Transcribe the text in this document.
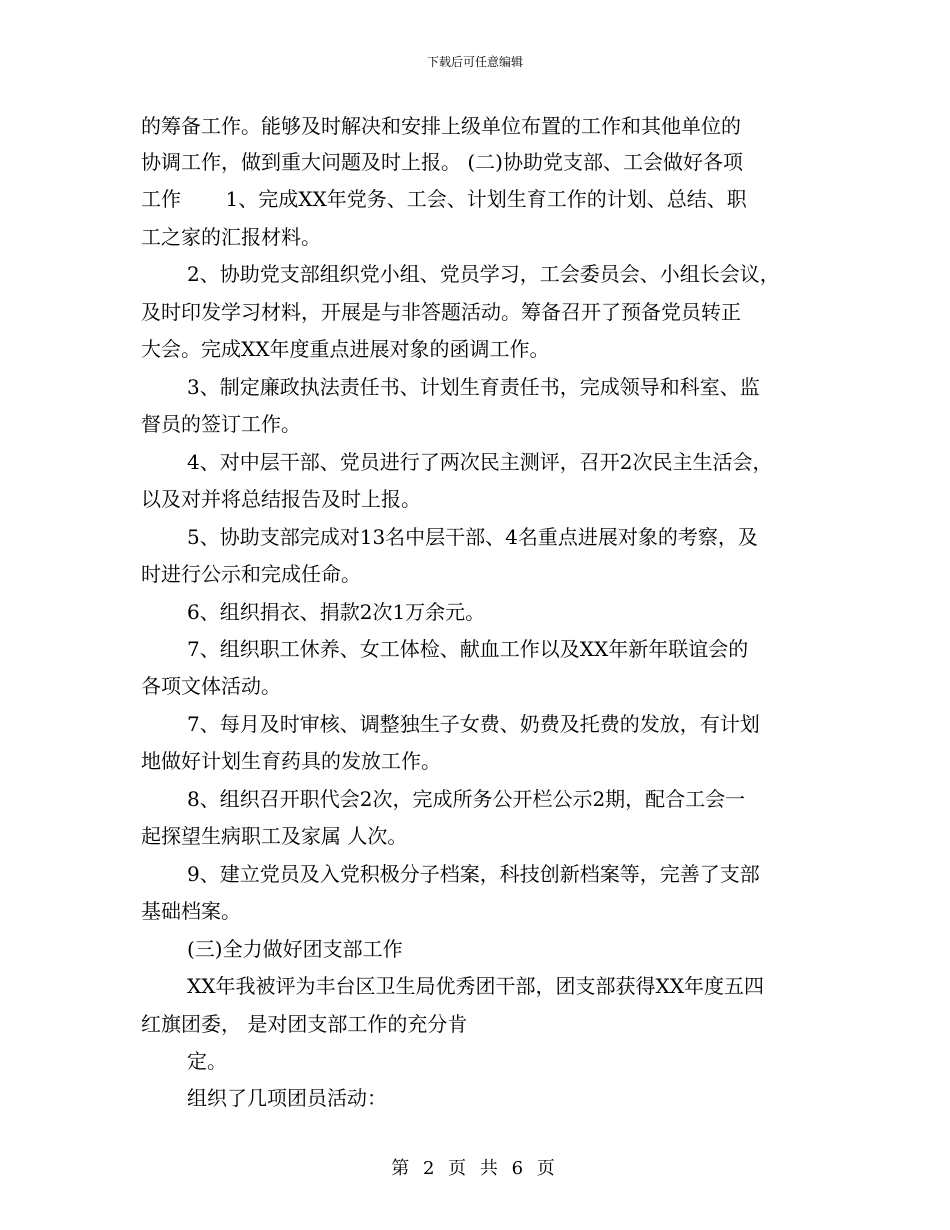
下载后可任意编辑
的筹备工作。能够及时解决和安排上级单位布置的工作和其他单位的
协调工作，做到重大问题及时上报。 (二)协助党支部、工会做好各项
工作       1、完成XX年党务、工会、计划生育工作的计划、总结、职
工之家的汇报材料。
2、协助党支部组织党小组、党员学习，工会委员会、小组长会议，
及时印发学习材料，开展是与非答题活动。筹备召开了预备党员转正
大会。完成XX年度重点进展对象的函调工作。
3、制定廉政执法责任书、计划生育责任书，完成领导和科室、监
督员的签订工作。
4、对中层干部、党员进行了两次民主测评，召开2次民主生活会，
以及对并将总结报告及时上报。
5、协助支部完成对13名中层干部、4名重点进展对象的考察，及
时进行公示和完成任命。
6、组织捐衣、捐款2次1万余元。
7、组织职工休养、女工体检、献血工作以及XX年新年联谊会的
各项文体活动。
7、每月及时审核、调整独生子女费、奶费及托费的发放，有计划
地做好计划生育药具的发放工作。
8、组织召开职代会2次，完成所务公开栏公示2期，配合工会一
起探望生病职工及家属 人次。
9、建立党员及入党积极分子档案，科技创新档案等，完善了支部
基础档案。
(三)全力做好团支部工作
XX年我被评为丰台区卫生局优秀团干部，团支部获得XX年度五四
红旗团委， 是对团支部工作的充分肯
定。
组织了几项团员活动：
第 2 页 共 6 页
